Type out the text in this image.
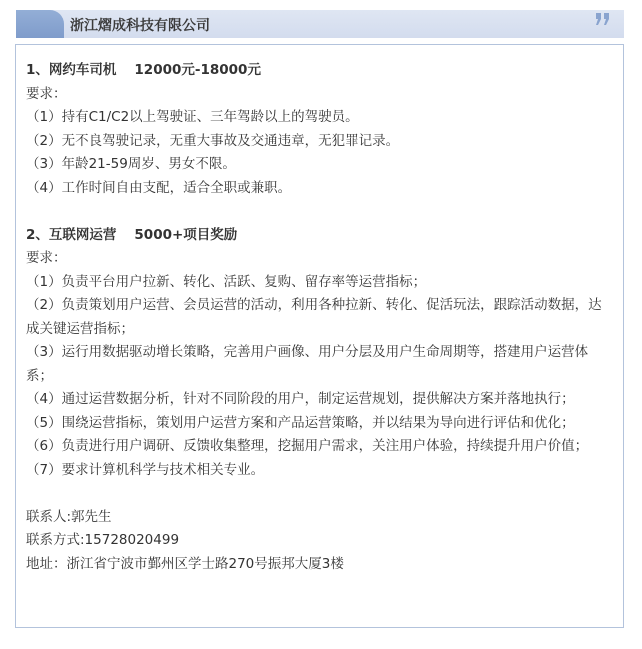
浙江熠成科技有限公司
1、网约车司机 12000元-18000元
要求：
（1）持有C1/C2以上驾驶证、三年驾龄以上的驾驶员。
（2）无不良驾驶记录，无重大事故及交通违章，无犯罪记录。
（3）年龄21-59周岁、男女不限。
（4）工作时间自由支配，适合全职或兼职。
2、互联网运营 5000+项目奖励
要求：
（1）负责平台用户拉新、转化、活跃、复购、留存率等运营指标；
（2）负责策划用户运营、会员运营的活动，利用各种拉新、转化、促活玩法，跟踪活动数据，达成关键运营指标；
（3）运行用数据驱动增长策略，完善用户画像、用户分层及用户生命周期等，搭建用户运营体系；
（4）通过运营数据分析，针对不同阶段的用户，制定运营规划，提供解决方案并落地执行；
（5）围绕运营指标，策划用户运营方案和产品运营策略，并以结果为导向进行评估和优化；
（6）负责进行用户调研、反馈收集整理，挖掘用户需求，关注用户体验，持续提升用户价值；
（7）要求计算机科学与技术相关专业。
联系人:郭先生
联系方式:15728020499
地址：浙江省宁波市鄞州区学士路270号振邦大厦3楼
